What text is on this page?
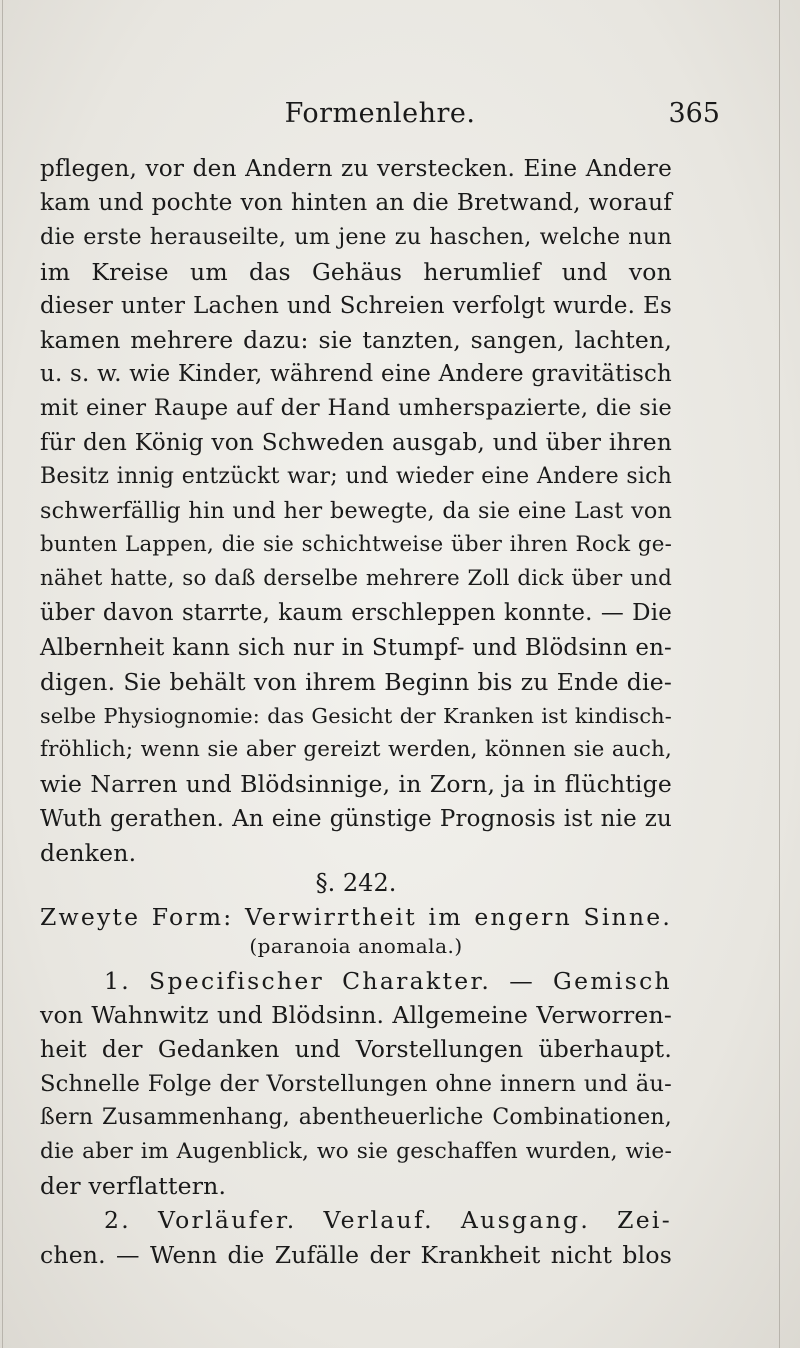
Formenlehre.	365
pflegen, vor den Andern zu verstecken. Eine Andere
kam und pochte von hinten an die Bretwand, worauf
die erste herauseilte, um jene zu haschen, welche nun
im Kreise um das Gehäus herumlief und von
dieser unter Lachen und Schreien verfolgt wurde. Es
kamen mehrere dazu: sie tanzten, sangen, lachten,
u. s. w. wie Kinder, während eine Andere gravitätisch
mit einer Raupe auf der Hand umherspazierte, die sie
für den König von Schweden ausgab, und über ihren
Besitz innig entzückt war; und wieder eine Andere sich
schwerfällig hin und her bewegte, da sie eine Last von
bunten Lappen, die sie schichtweise über ihren Rock ge-
nähet hatte, so daß derselbe mehrere Zoll dick über und
über davon starrte, kaum erschleppen konnte. — Die
Albernheit kann sich nur in Stumpf- und Blödsinn en-
digen. Sie behält von ihrem Beginn bis zu Ende die-
selbe Physiognomie: das Gesicht der Kranken ist kindisch-
fröhlich; wenn sie aber gereizt werden, können sie auch,
wie Narren und Blödsinnige, in Zorn, ja in flüchtige
Wuth gerathen. An eine günstige Prognosis ist nie zu
denken.
§. 242.
Zweyte Form: Verwirrtheit im engern Sinne.
(paranoia anomala.)
1. Specifischer Charakter. — Gemisch
von Wahnwitz und Blödsinn. Allgemeine Verworren-
heit der Gedanken und Vorstellungen überhaupt.
Schnelle Folge der Vorstellungen ohne innern und äu-
ßern Zusammenhang, abentheuerliche Combinationen,
die aber im Augenblick, wo sie geschaffen wurden, wie-
der verflattern.
2. Vorläufer. Verlauf. Ausgang. Zei-
chen. — Wenn die Zufälle der Krankheit nicht blos
